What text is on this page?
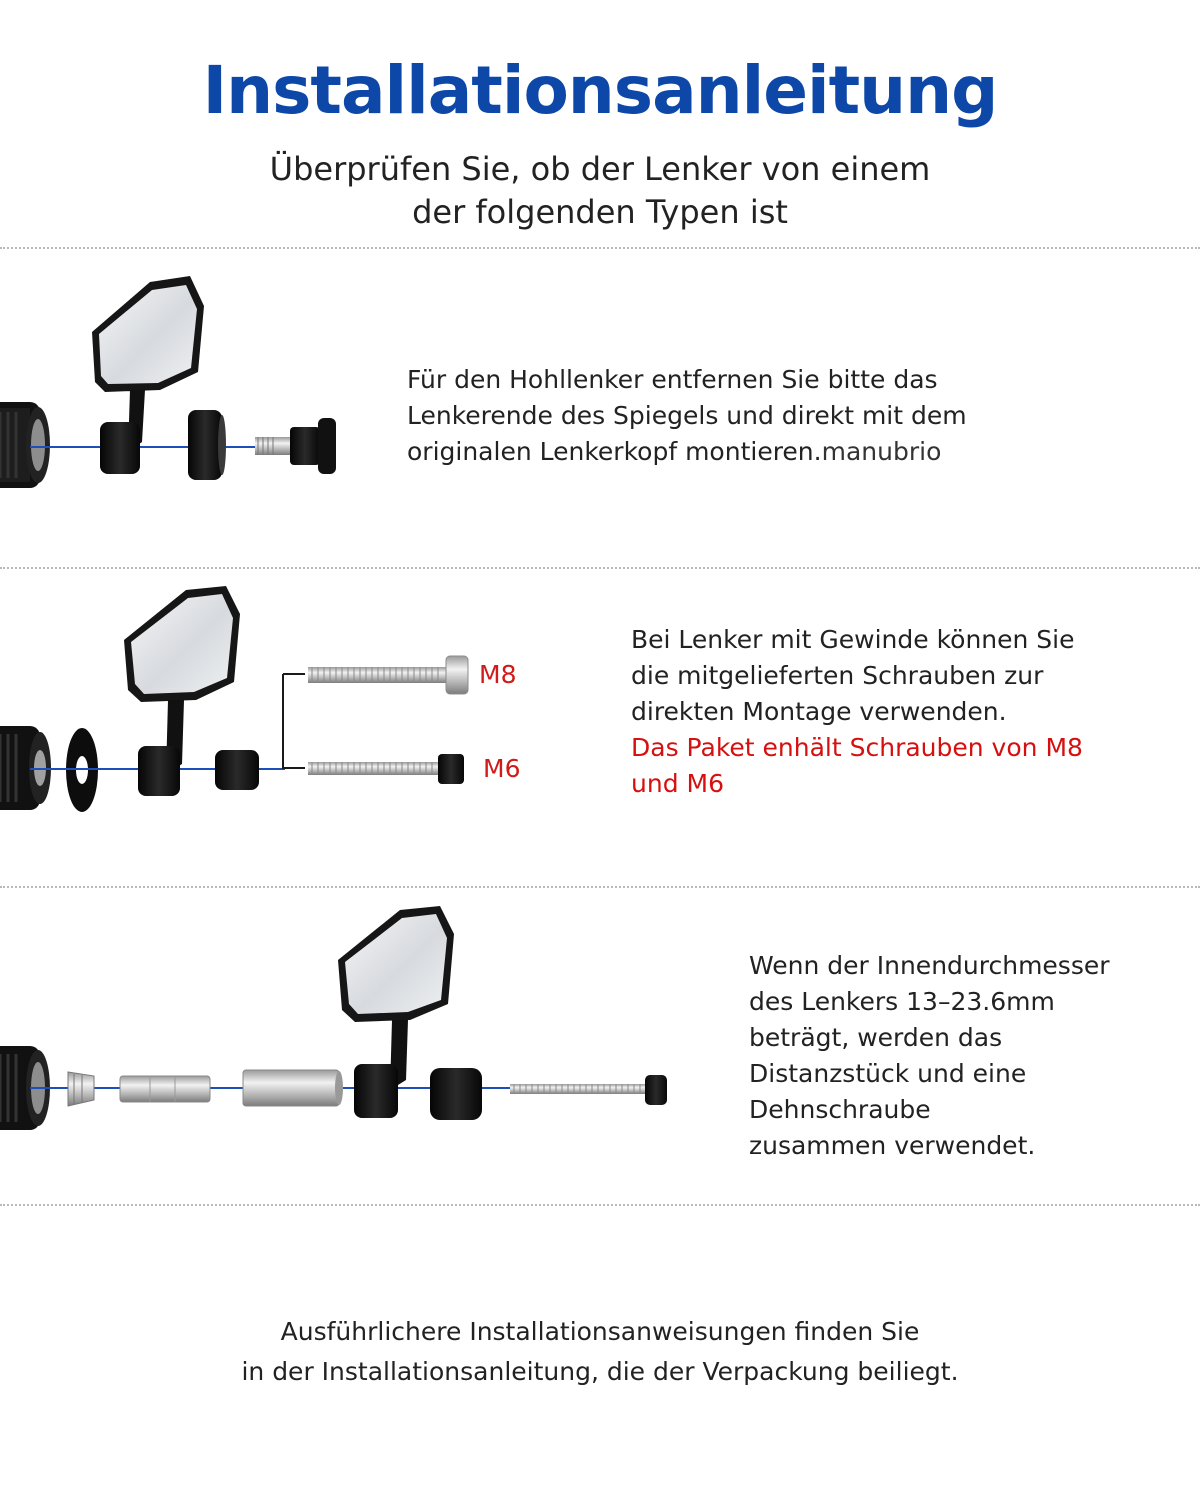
Installationsanleitung
Überprüfen Sie, ob der Lenker von einem
der folgenden Typen ist
Für den Hohllenker entfernen Sie bitte das
Lenkerende des Spiegels und direkt mit dem
originalen Lenkerkopf montieren.manubrio
M8
M6
Bei Lenker mit Gewinde können Sie
die mitgelieferten Schrauben zur
direkten Montage verwenden.
Das Paket enhält Schrauben von M8
und M6
Wenn der Innendurchmesser
des Lenkers 13–23.6mm
beträgt, werden das
Distanzstück und eine
Dehnschraube
zusammen verwendet.
Ausführlichere Installationsanweisungen finden Sie
in der Installationsanleitung, die der Verpackung beiliegt.
